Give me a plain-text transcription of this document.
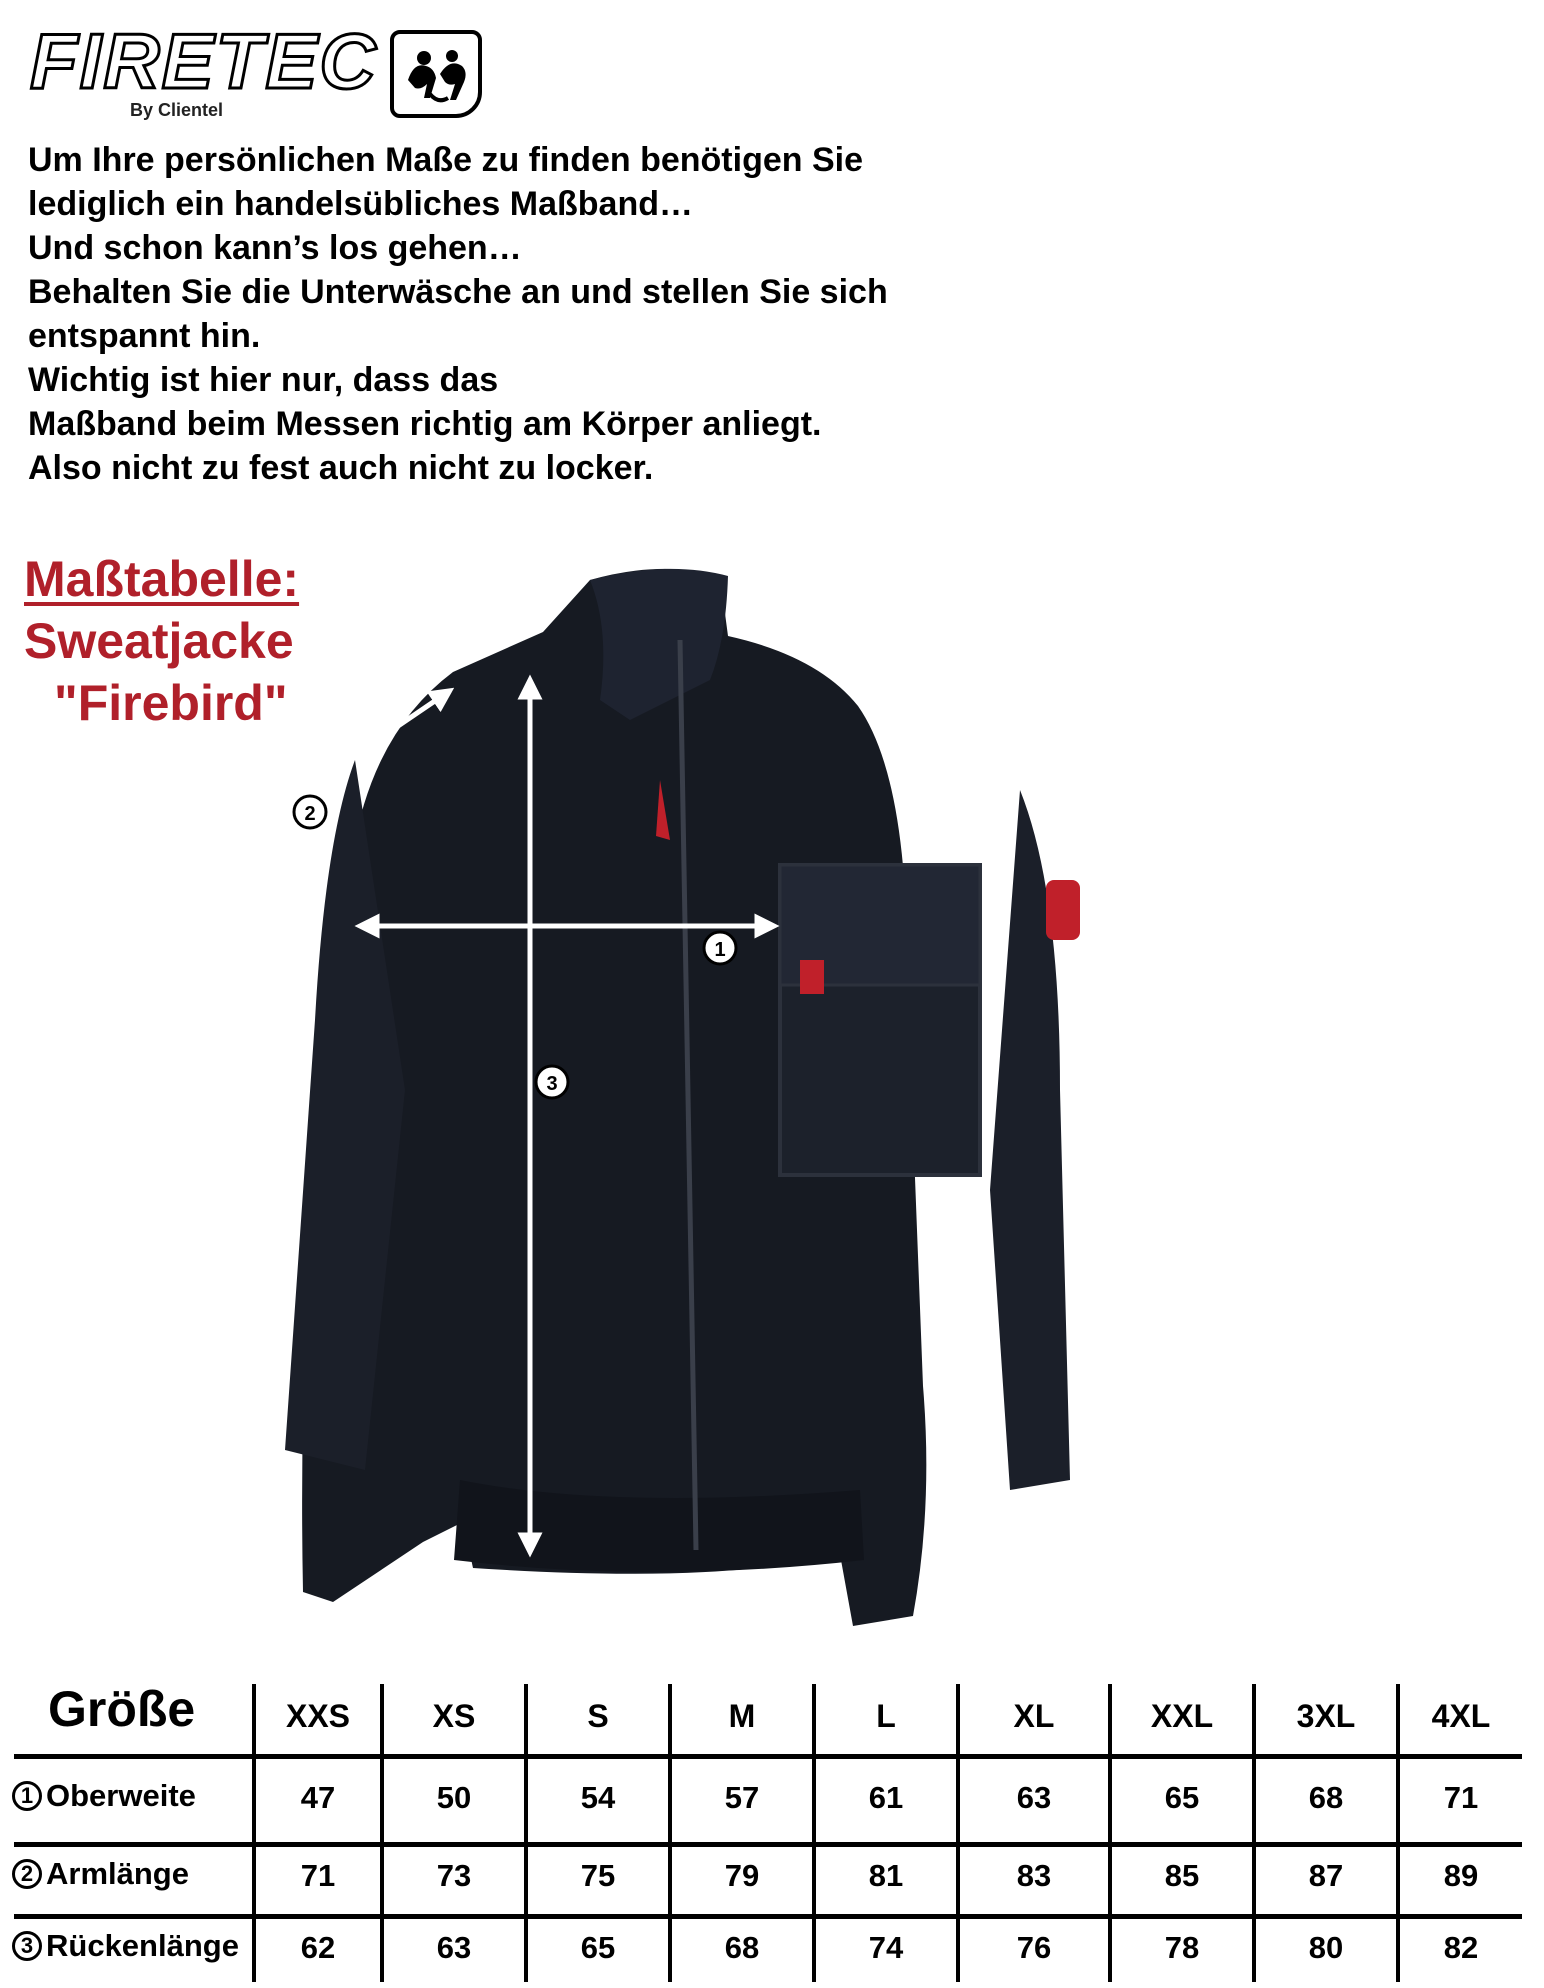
FIRETEC
By Clientel

Um Ihre persönlichen Maße zu finden benötigen Sie

lediglich ein handelsübliches Maßband…

Und schon kann’s los gehen…

Behalten Sie die Unterwäsche an und stellen Sie sich

entspannt hin.

Wichtig ist hier nur, dass das

Maßband beim Messen richtig am Körper anliegt.

Also nicht zu fest auch nicht zu locker.

Maßtabelle:
Sweatjacke
"Firebird"
1
2
3
Größe	XXS	XS	S	M	L	XL	XXL	3XL	4XL
1 Oberweite	47	50	54	57	61	63	65	68	71
2 Armlänge	71	73	75	79	81	83	85	87	89
3 Rückenlänge	62	63	65	68	74	76	78	80	82
